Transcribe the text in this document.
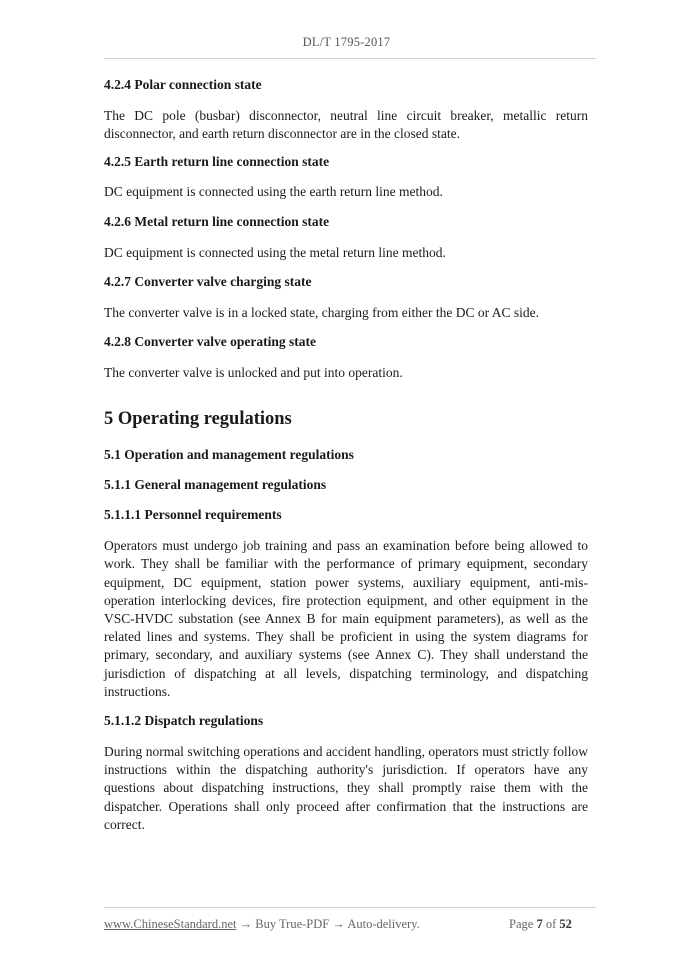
DL/T 1795-2017

4.2.4 Polar connection state

The DC pole (busbar) disconnector, neutral line circuit breaker, metallic return disconnector, and earth return disconnector are in the closed state.

4.2.5 Earth return line connection state

DC equipment is connected using the earth return line method.

4.2.6 Metal return line connection state

DC equipment is connected using the metal return line method.

4.2.7 Converter valve charging state

The converter valve is in a locked state, charging from either the DC or AC side.

4.2.8 Converter valve operating state

The converter valve is unlocked and put into operation.

5 Operating regulations

5.1 Operation and management regulations

5.1.1 General management regulations

5.1.1.1 Personnel requirements

Operators must undergo job training and pass an examination before being allowed to work. They shall be familiar with the performance of primary equipment, secondary equipment, DC equipment, station power systems, auxiliary equipment, anti-mis-operation interlocking devices, fire protection equipment, and other equipment in the VSC-HVDC substation (see Annex B for main equipment parameters), as well as the related lines and systems. They shall be proficient in using the system diagrams for primary, secondary, and auxiliary systems (see Annex C). They shall understand the jurisdiction of dispatching at all levels, dispatching terminology, and dispatching instructions.

5.1.1.2 Dispatch regulations

During normal switching operations and accident handling, operators must strictly follow instructions within the dispatching authority's jurisdiction. If operators have any questions about dispatching instructions, they shall promptly raise them with the dispatcher. Operations shall only proceed after confirmation that the instructions are correct.

www.ChineseStandard.net → Buy True-PDF → Auto-delivery.	Page 7 of 52
